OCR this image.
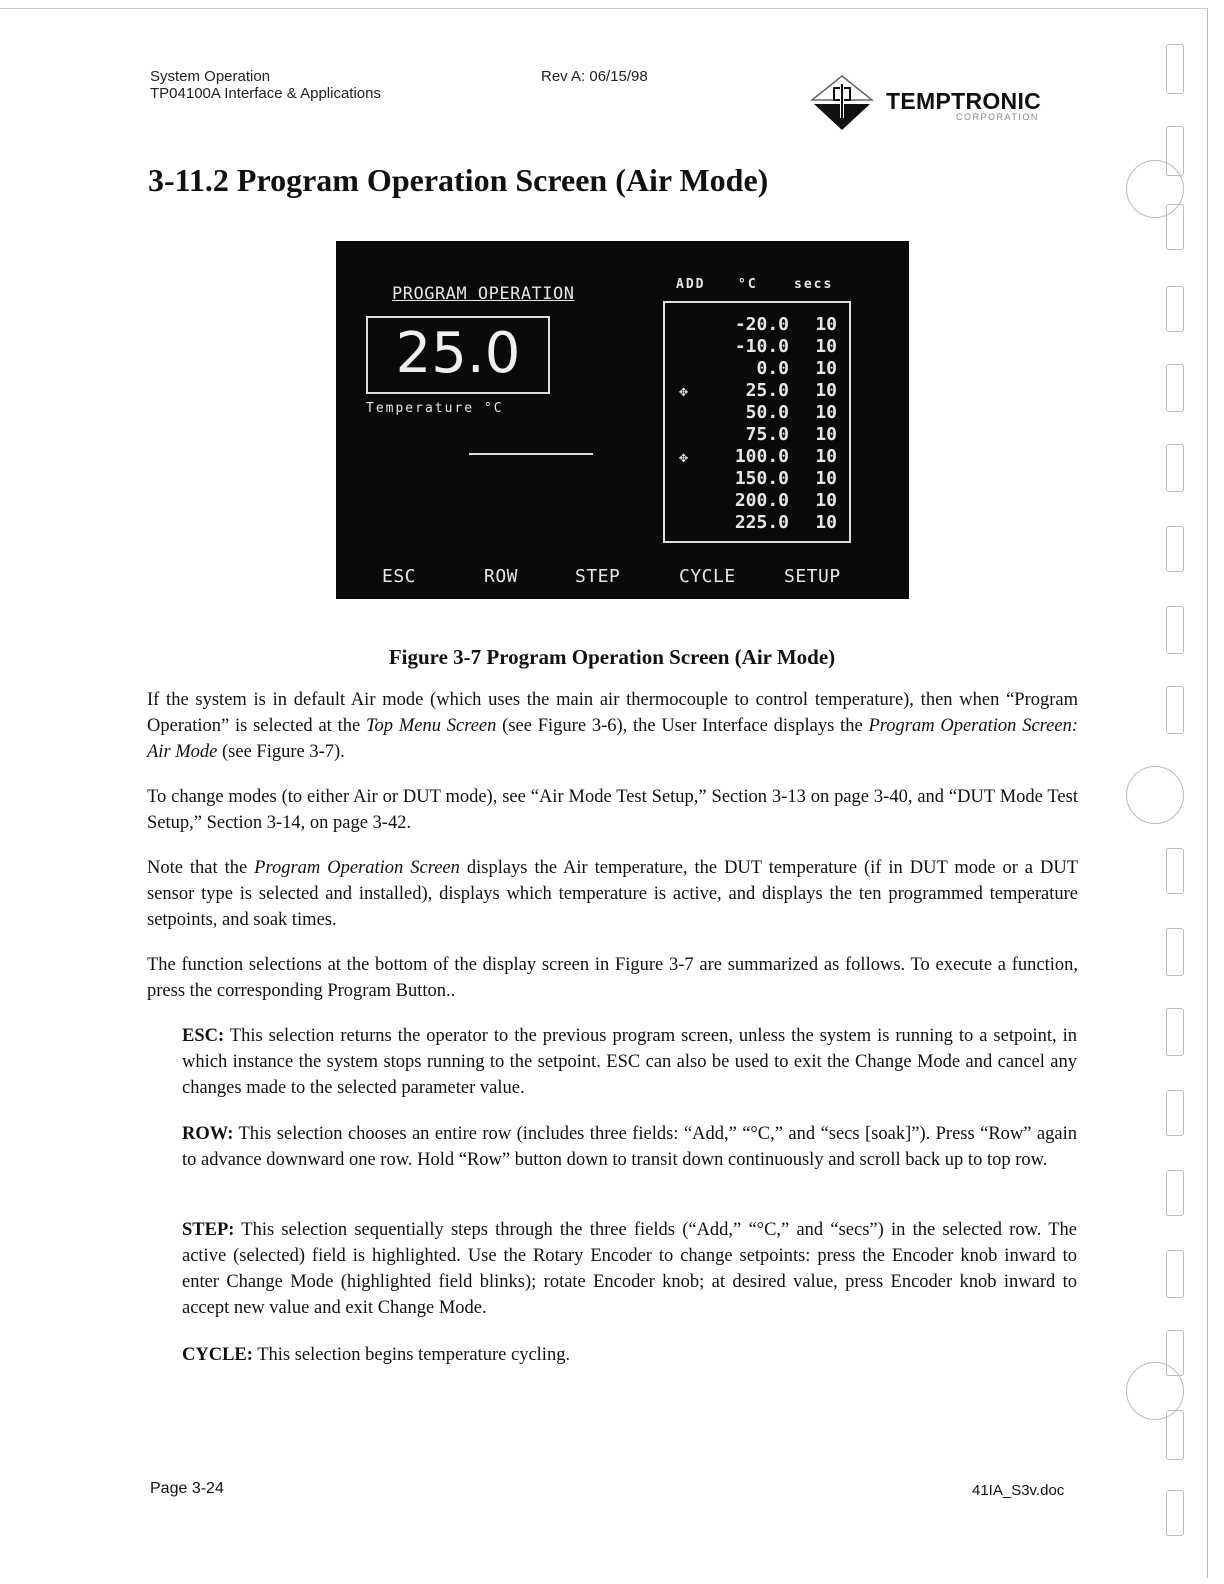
System Operation
TP04100A Interface & Applications
Rev A: 06/15/98
TEMPTRONIC
CORPORATION
3-11.2 Program Operation Screen (Air Mode)
PROGRAM OPERATION
25.0
Temperature °C
ADD	°C	secs
-20.0 10
-10.0 10
0.0 10
✥	25.0 10
50.0 10
75.0 10
✥	100.0 10
150.0 10
200.0 10
225.0 10
ESC	ROW	STEP	CYCLE	SETUP
Figure 3-7 Program Operation Screen (Air Mode)
If the system is in default Air mode (which uses the main air thermocouple to control temperature), then when “Program Operation” is selected at the Top Menu Screen (see Figure 3-6), the User Interface displays the Program Operation Screen: Air Mode (see Figure 3-7).
To change modes (to either Air or DUT mode), see “Air Mode Test Setup,” Section 3-13 on page 3-40, and “DUT Mode Test Setup,” Section 3-14, on page 3-42.
Note that the Program Operation Screen displays the Air temperature, the DUT temperature (if in DUT mode or a DUT sensor type is selected and installed), displays which temperature is active, and displays the ten programmed temperature setpoints, and soak times.
The function selections at the bottom of the display screen in Figure 3-7 are summarized as follows. To execute a function, press the corresponding Program Button..
ESC: This selection returns the operator to the previous program screen, unless the system is running to a setpoint, in which instance the system stops running to the setpoint. ESC can also be used to exit the Change Mode and cancel any changes made to the selected parameter value.
ROW: This selection chooses an entire row (includes three fields: “Add,” “°C,” and “secs [soak]”). Press “Row” again to advance downward one row. Hold “Row” button down to transit down continuously and scroll back up to top row.
STEP: This selection sequentially steps through the three fields (“Add,” “°C,” and “secs”) in the selected row. The active (selected) field is highlighted. Use the Rotary Encoder to change setpoints: press the Encoder knob inward to enter Change Mode (highlighted field blinks); rotate Encoder knob; at desired value, press Encoder knob inward to accept new value and exit Change Mode.
CYCLE: This selection begins temperature cycling.
Page 3-24	41IA_S3v.doc
